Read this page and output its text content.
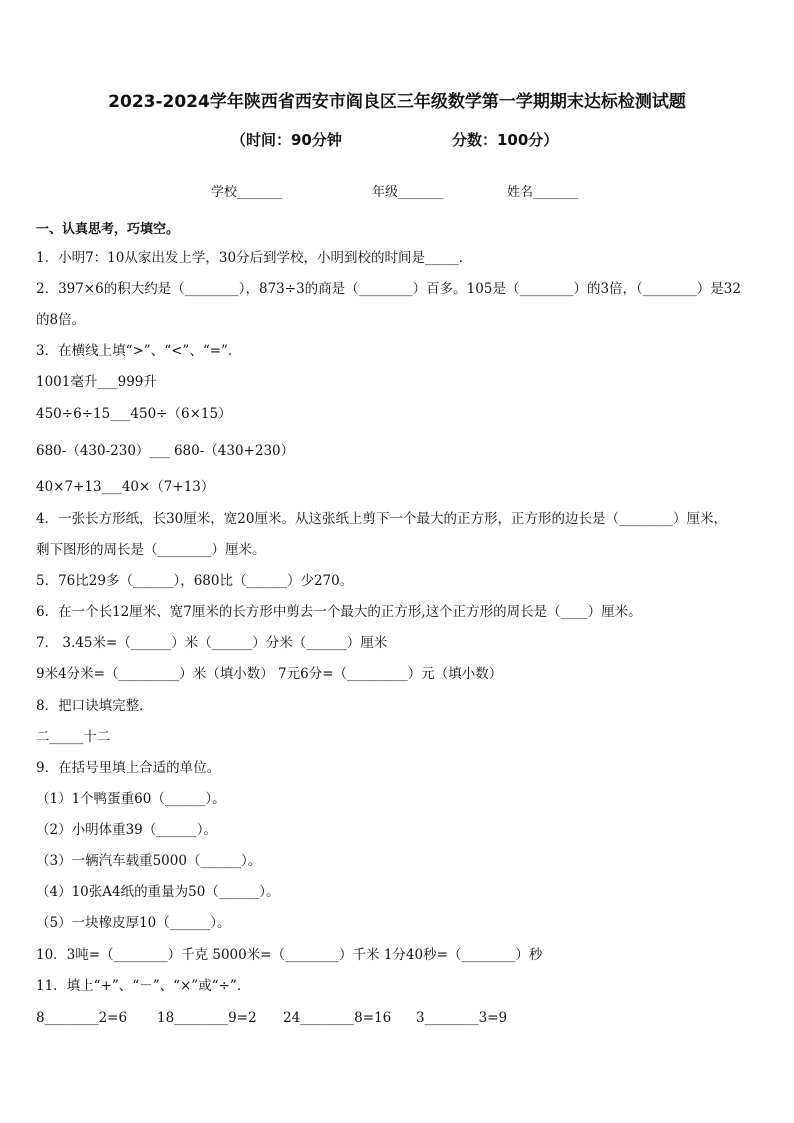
2023-2024学年陕西省西安市阎良区三年级数学第一学期期末达标检测试题
（时间：90分钟	分数：100分）
学校_______	年级_______	姓名_______
一、认真思考，巧填空。
1．小明7：10从家出发上学，30分后到学校，小明到校的时间是_____．
2．397×6的积大约是（________），873÷3的商是（________）百多。105是（________）的3倍，（________）是32
的8倍。
3．在横线上填“>”、“<”、“=”．
1001毫升___999升
450÷6÷15___450÷（6×15）
680-（430-230）___ 680-（430+230）
40×7+13___40×（7+13）
4．一张长方形纸，长30厘米，宽20厘米。从这张纸上剪下一个最大的正方形，正方形的边长是（________）厘米，
剩下图形的周长是（________）厘米。
5．76比29多（______），680比（______）少270。
6．在一个长12厘米、宽7厘米的长方形中剪去一个最大的正方形,这个正方形的周长是（____）厘米。
7． 3.45米=（______）米（______）分米（______）厘米
9米4分米=（_________）米（填小数） 7元6分=（_________）元（填小数）
8．把口诀填完整．
二_____十二
9．在括号里填上合适的单位。
（1）1个鸭蛋重60（______）。
（2）小明体重39（______）。
（3）一辆汽车载重5000（______）。
（4）10张A4纸的重量为50（______）。
（5）一块橡皮厚10（______）。
10．3吨=（________）千克 5000米=（________）千米 1分40秒=（________）秒
11．填上“+”、“－”、“×”或“÷”．
8________2=6 18________9=2 24________8=16 3________3=9
